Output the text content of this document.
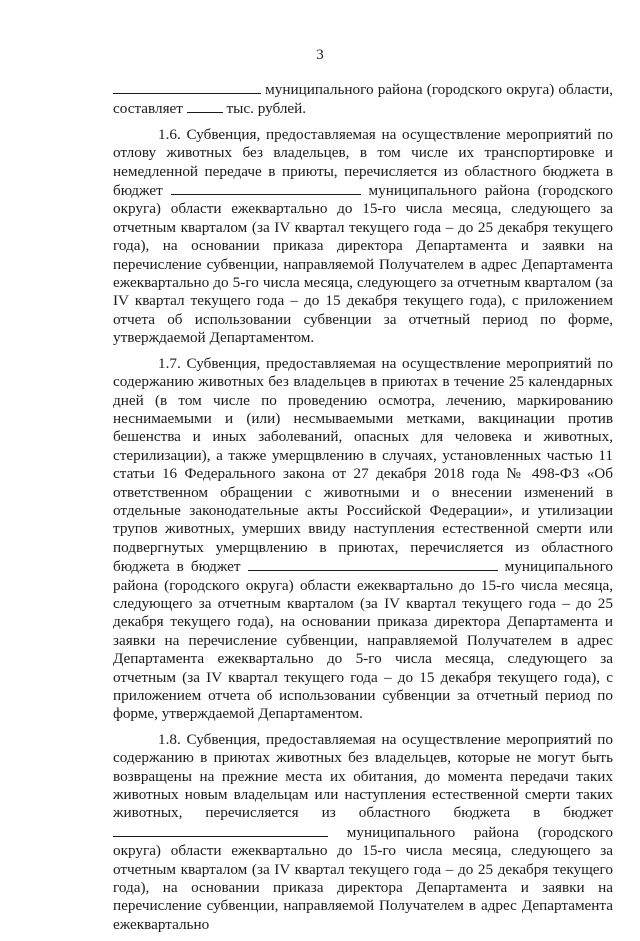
3

муниципального района (городского округа) области, составляет  тыс. рублей.

1.6. Субвенция, предоставляемая на осуществление мероприятий по отлову животных без владельцев, в том числе их транспортировке и немедленной передаче в приюты, перечисляется из областного бюджета в бюджет	муниципального района (городского округа) области ежеквартально до 15-го числа месяца, следующего за отчетным кварталом (за IV квартал текущего года – до 25 декабря текущего года), на основании приказа директора Департамента и заявки на перечисление субвенции, направляемой Получателем в адрес Департамента ежеквартально до 5-го числа месяца, следующего за отчетным кварталом (за IV квартал текущего года – до 15 декабря текущего года), с приложением отчета об использовании субвенции за отчетный период по форме, утверждаемой Департаментом.

1.7. Субвенция, предоставляемая на осуществление мероприятий по содержанию животных без владельцев в приютах в течение 25 календарных дней (в том числе по проведению осмотра, лечению, маркированию неснимаемыми и (или) несмываемыми метками, вакцинации против бешенства и иных заболеваний, опасных для человека и животных, стерилизации), а также умерщвлению в случаях, установленных частью 11 статьи 16 Федерального закона от 27 декабря 2018 года № 498-ФЗ «Об ответственном обращении с животными и о внесении изменений в отдельные законодательные акты Российской Федерации», и утилизации трупов животных, умерших ввиду наступления естественной смерти или подвергнутых умерщвлению в приютах, перечисляется из областного бюджета в бюджет	муниципального района (городского округа) области ежеквартально до 15-го числа месяца, следующего за отчетным кварталом (за IV квартал текущего года – до 25 декабря текущего года), на основании приказа директора Департамента и заявки на перечисление субвенции, направляемой Получателем в адрес Департамента ежеквартально до 5-го числа месяца, следующего за отчетным (за IV квартал текущего года – до 15 декабря текущего года), с приложением отчета об использовании субвенции за отчетный период по форме, утверждаемой Департаментом.

1.8. Субвенция, предоставляемая на осуществление мероприятий по содержанию в приютах животных без владельцев, которые не могут быть возвращены на прежние места их обитания, до момента передачи таких животных новым владельцам или наступления естественной смерти таких животных, перечисляется из областного бюджета в бюджет  муниципального района (городского округа) области ежеквартально до 15-го числа месяца, следующего за отчетным кварталом (за IV квартал текущего года – до 25 декабря текущего года), на основании приказа директора Департамента и заявки на перечисление субвенции, направляемой Получателем в адрес Департамента ежеквартально
